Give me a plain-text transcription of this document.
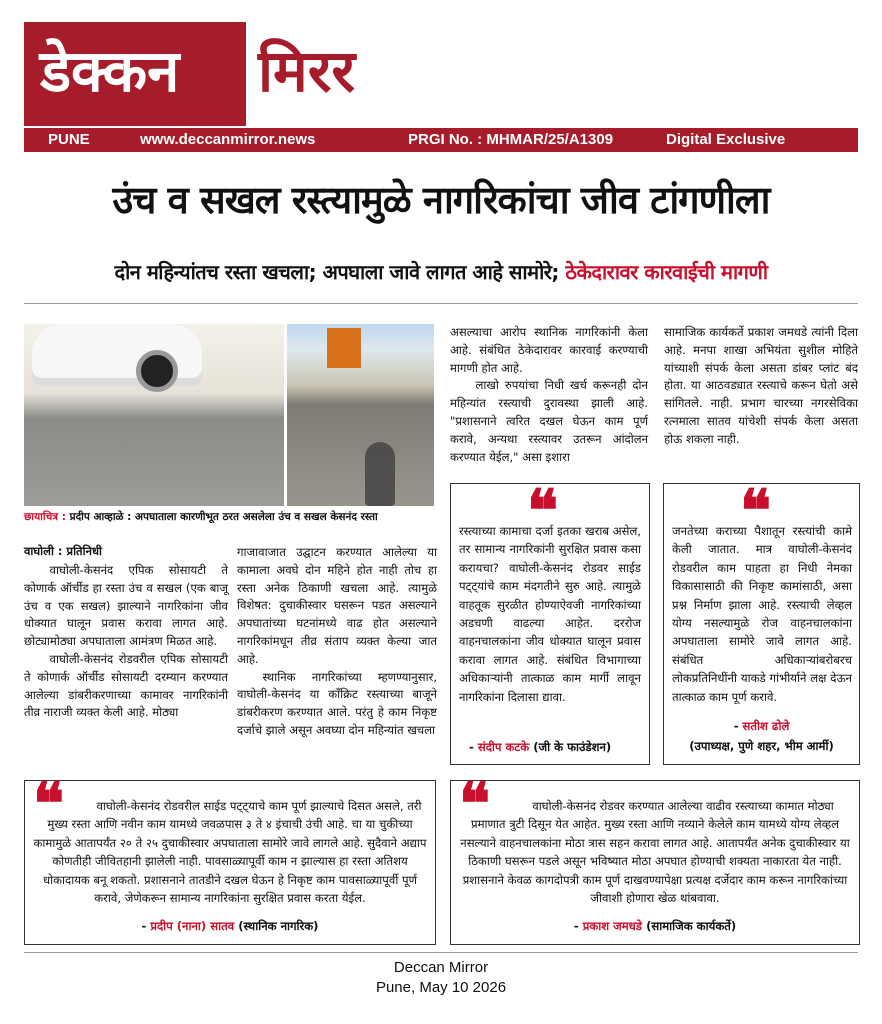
डेक्कन मिरर
PUNE	www.deccanmirror.news	PRGI No. : MHMAR/25/A1309	Digital Exclusive
उंच व सखल रस्त्यामुळे नागरिकांचा जीव टांगणीला
दोन महिन्यांतच रस्ता खचला; अपघाला जावे लागत आहे सामोरे; ठेकेदारावर कारवाईची मागणी
छायाचित्र : प्रदीप आव्हाळे : अपघाताला कारणीभूत ठरत असलेला उंच व सखल केसनंद रस्ता
वाघोली : प्रतिनिधी

वाघोली-केसनंद एपिक सोसायटी ते कोणार्क ऑर्चीड हा रस्ता उंच व सखल (एक बाजू उंच व एक सखल) झाल्याने नागरिकांना जीव धोक्यात घालून प्रवास करावा लागत आहे. छोट्यामोठ्या अपघाताला आमंत्रण मिळत आहे.

वाघोली-केसनंद रोडवरील एपिक सोसायटी ते कोणार्क ऑर्चीड सोसायटी दरम्यान करण्यात आलेल्या डांबरीकरणाच्या कामावर नागरिकांनी तीव्र नाराजी व्यक्त केली आहे. मोठ्या

गाजावाजात उद्घाटन करण्यात आलेल्या या कामाला अवघे दोन महिने होत नाही तोच हा रस्ता अनेक ठिकाणी खचला आहे. त्यामुळे विशेषत: दुचाकीस्वार घसरून पडत असल्याने अपघातांच्या घटनांमध्ये वाढ होत असल्याने नागरिकांमधून तीव्र संताप व्यक्त केल्या जात आहे.

स्थानिक नागरिकांच्या म्हणण्यानुसार, वाघोली-केसनंद या कॉंक्रिट रस्त्याच्या बाजूने डांबरीकरण करण्यात आले. परंतु हे काम निकृष्ट दर्जाचे झाले असून अवघ्या दोन महिन्यांत खचला

असल्याचा आरोप स्थानिक नागरिकांनी केला आहे. संबंधित ठेकेदारावर कारवाई करण्याची मागणी होत आहे.

लाखो रुपयांचा निधी खर्च करूनही दोन महिन्यांत रस्त्याची दुरावस्था झाली आहे. "प्रशासनाने त्वरित दखल घेऊन काम पूर्ण करावे, अन्यथा रस्त्यावर उतरून आंदोलन करण्यात येईल," असा इशारा

सामाजिक कार्यकर्ते प्रकाश जमधडे त्यांनी दिला आहे. मनपा शाखा अभियंता सुशील मोहिते यांच्याशी संपर्क केला असता डांबर प्लांट बंद होता. या आठवड्यात रस्त्याचे करून घेतो असे सांगितले. नाही. प्रभाग चारच्या नगरसेविका रत्नमाला सातव यांचेशी संपर्क केला असता होऊ शकला नाही.

❝
रस्त्याच्या कामाचा दर्जा इतका खराब असेल, तर सामान्य नागरिकांनी सुरक्षित प्रवास कसा करायचा? वाघोली-केसनंद रोडवर साईड पट्ट्यांचे काम मंदगतीने सुरु आहे. त्यामुळे वाहतूक सुरळीत होण्याऐवजी नागरिकांच्या अडचणी वाढल्या आहेत. दररोज वाहनचालकांना जीव धोक्यात घालून प्रवास करावा लागत आहे. संबंधित विभागाच्या अधिकाऱ्यांनी तात्काळ काम मार्गी लावून नागरिकांना दिलासा द्यावा.
- संदीप कटके (जी के फाउंडेशन)
❝
जनतेच्या कराच्या पैशातून रस्त्यांची कामे केली जातात. मात्र वाघोली-केसनंद रोडवरील काम पाहता हा निधी नेमका विकासासाठी की निकृष्ट कामांसाठी, असा प्रश्न निर्माण झाला आहे. रस्त्याची लेव्हल योग्य नसल्यामुळे रोज वाहनचालकांना अपघाताला सामोरे जावे लागत आहे. संबंधित अधिकाऱ्यांबरोबरच लोकप्रतिनिधींनी याकडे गांभीर्याने लक्ष देऊन तात्काळ काम पूर्ण करावे.
- सतीश ढोले
(उपाध्यक्ष, पुणे शहर, भीम आर्मी)
❝	वाघोली-केसनंद रोडवरील साईड पट्ट्याचे काम पूर्ण झाल्याचे दिसत असले, तरी मुख्य रस्ता आणि नवीन काम यामध्ये जवळपास ३ ते ४ इंचाची उंची आहे. चा या चुकीच्या कामामुळे आतापर्यंत २० ते २५ दुचाकीस्वार अपघाताला सामोरे जावे लागले आहे. सुदैवाने अद्याप कोणतीही जीवितहानी झालेली नाही. पावसाळ्यापूर्वी काम न झाल्यास हा रस्ता अतिशय धोकादायक बनू शकतो. प्रशासनाने तातडीने दखल घेऊन हे निकृष्ट काम पावसाळ्यापूर्वी पूर्ण करावे, जेणेकरून सामान्य नागरिकांना सुरक्षित प्रवास करता येईल.
- प्रदीप (नाना) सातव (स्थानिक नागरिक)
❝	वाघोली-केसनंद रोडवर करण्यात आलेल्या वाढीव रस्त्याच्या कामात मोठ्या प्रमाणात त्रुटी दिसून येत आहेत. मुख्य रस्ता आणि नव्याने केलेले काम यामध्ये योग्य लेव्हल नसल्याने वाहनचालकांना मोठा त्रास सहन करावा लागत आहे. आतापर्यंत अनेक दुचाकीस्वार या ठिकाणी घसरून पडले असून भविष्यात मोठा अपघात होण्याची शक्यता नाकारता येत नाही. प्रशासनाने केवळ कागदोपत्री काम पूर्ण दाखवण्यापेक्षा प्रत्यक्ष दर्जेदार काम करून नागरिकांच्या जीवाशी होणारा खेळ थांबवावा.
- प्रकाश जमधडे (सामाजिक कार्यकर्ते)
Deccan Mirror
Pune, May 10 2026
